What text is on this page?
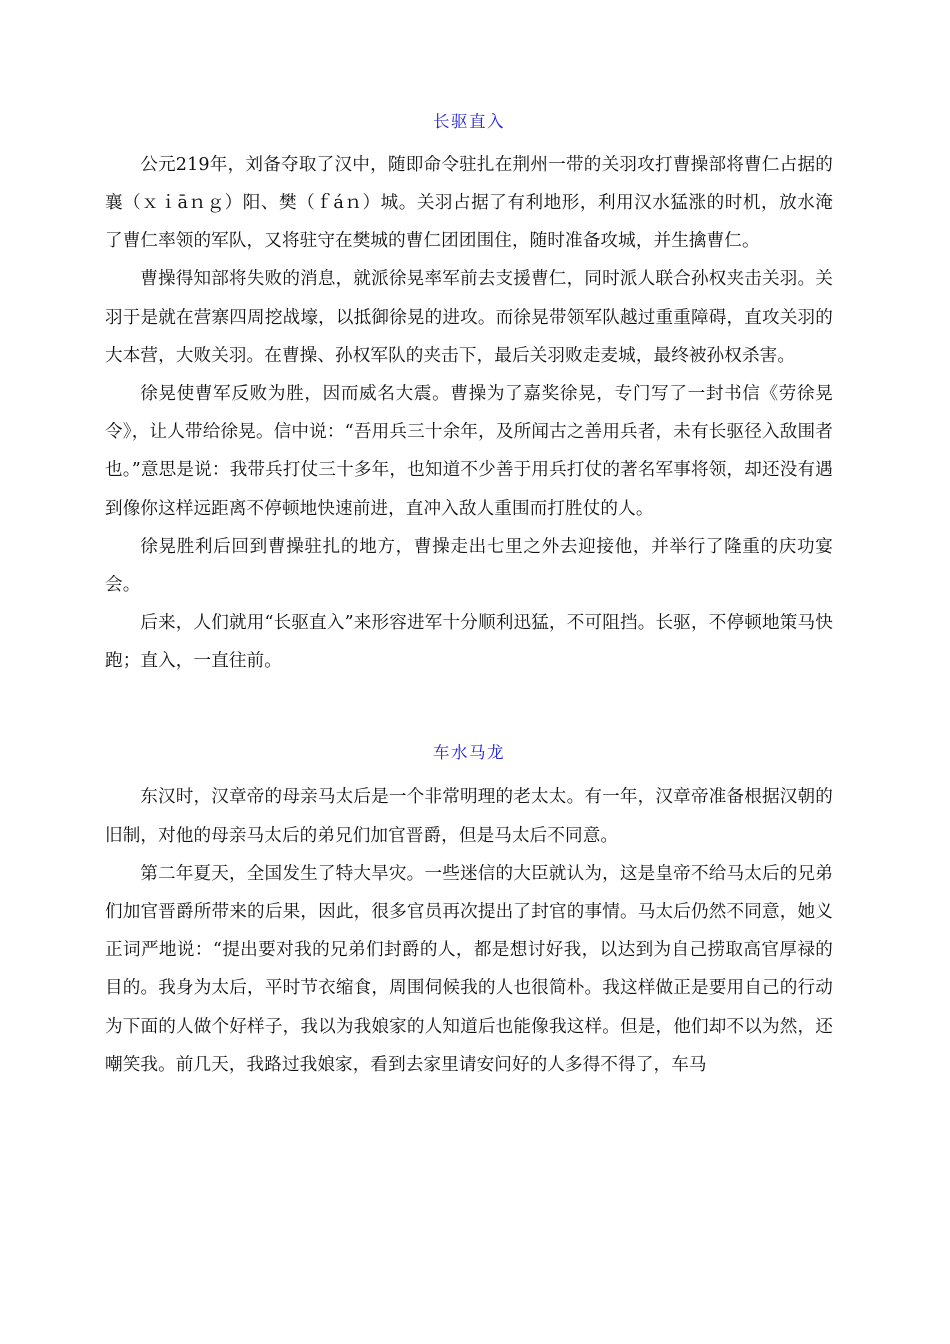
长驱直入

公元219年，刘备夺取了汉中，随即命令驻扎在荆州一带的关羽攻打曹操部将曹仁占据的襄（ｘｉāｎｇ）阳、樊（ｆáｎ）城。关羽占据了有利地形，利用汉水猛涨的时机，放水淹了曹仁率领的军队，又将驻守在樊城的曹仁团团围住，随时准备攻城，并生擒曹仁。

曹操得知部将失败的消息，就派徐晃率军前去支援曹仁，同时派人联合孙权夹击关羽。关羽于是就在营寨四周挖战壕，以抵御徐晃的进攻。而徐晃带领军队越过重重障碍，直攻关羽的大本营，大败关羽。在曹操、孙权军队的夹击下，最后关羽败走麦城，最终被孙权杀害。

徐晃使曹军反败为胜，因而威名大震。曹操为了嘉奖徐晃，专门写了一封书信《劳徐晃令》，让人带给徐晃。信中说：“吾用兵三十余年，及所闻古之善用兵者，未有长驱径入敌围者也。”意思是说：我带兵打仗三十多年，也知道不少善于用兵打仗的著名军事将领，却还没有遇到像你这样远距离不停顿地快速前进，直冲入敌人重围而打胜仗的人。

徐晃胜利后回到曹操驻扎的地方，曹操走出七里之外去迎接他，并举行了隆重的庆功宴会。

后来，人们就用“长驱直入”来形容进军十分顺利迅猛，不可阻挡。长驱，不停顿地策马快跑；直入，一直往前。

车水马龙

东汉时，汉章帝的母亲马太后是一个非常明理的老太太。有一年，汉章帝准备根据汉朝的旧制，对他的母亲马太后的弟兄们加官晋爵，但是马太后不同意。

第二年夏天，全国发生了特大旱灾。一些迷信的大臣就认为，这是皇帝不给马太后的兄弟们加官晋爵所带来的后果，因此，很多官员再次提出了封官的事情。马太后仍然不同意，她义正词严地说：“提出要对我的兄弟们封爵的人，都是想讨好我，以达到为自己捞取高官厚禄的目的。我身为太后，平时节衣缩食，周围伺候我的人也很简朴。我这样做正是要用自己的行动为下面的人做个好样子，我以为我娘家的人知道后也能像我这样。但是，他们却不以为然，还嘲笑我。前几天，我路过我娘家，看到去家里请安问好的人多得不得了，车马
